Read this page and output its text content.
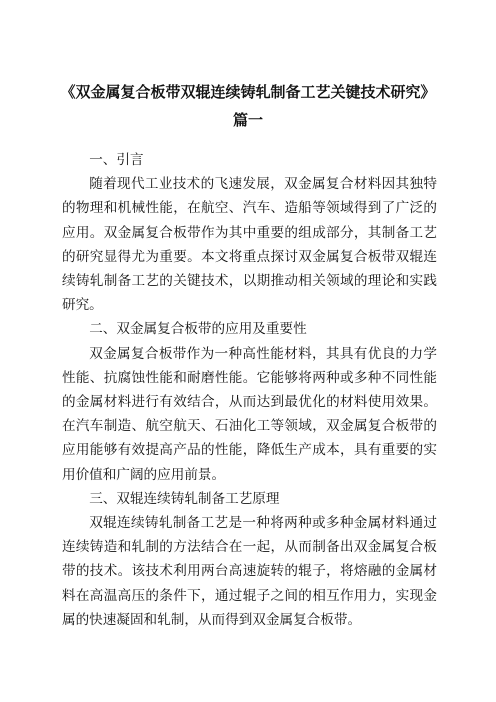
《双金属复合板带双辊连续铸轧制备工艺关键技术研究》
篇一

一、引言

随着现代工业技术的飞速发展，双金属复合材料因其独特的物理和机械性能，在航空、汽车、造船等领域得到了广泛的应用。双金属复合板带作为其中重要的组成部分，其制备工艺的研究显得尤为重要。本文将重点探讨双金属复合板带双辊连续铸轧制备工艺的关键技术，以期推动相关领域的理论和实践研究。

二、双金属复合板带的应用及重要性

双金属复合板带作为一种高性能材料，其具有优良的力学性能、抗腐蚀性能和耐磨性能。它能够将两种或多种不同性能的金属材料进行有效结合，从而达到最优化的材料使用效果。在汽车制造、航空航天、石油化工等领域，双金属复合板带的应用能够有效提高产品的性能，降低生产成本，具有重要的实用价值和广阔的应用前景。

三、双辊连续铸轧制备工艺原理

双辊连续铸轧制备工艺是一种将两种或多种金属材料通过连续铸造和轧制的方法结合在一起，从而制备出双金属复合板带的技术。该技术利用两台高速旋转的辊子，将熔融的金属材料在高温高压的条件下，通过辊子之间的相互作用力，实现金属的快速凝固和轧制，从而得到双金属复合板带。
